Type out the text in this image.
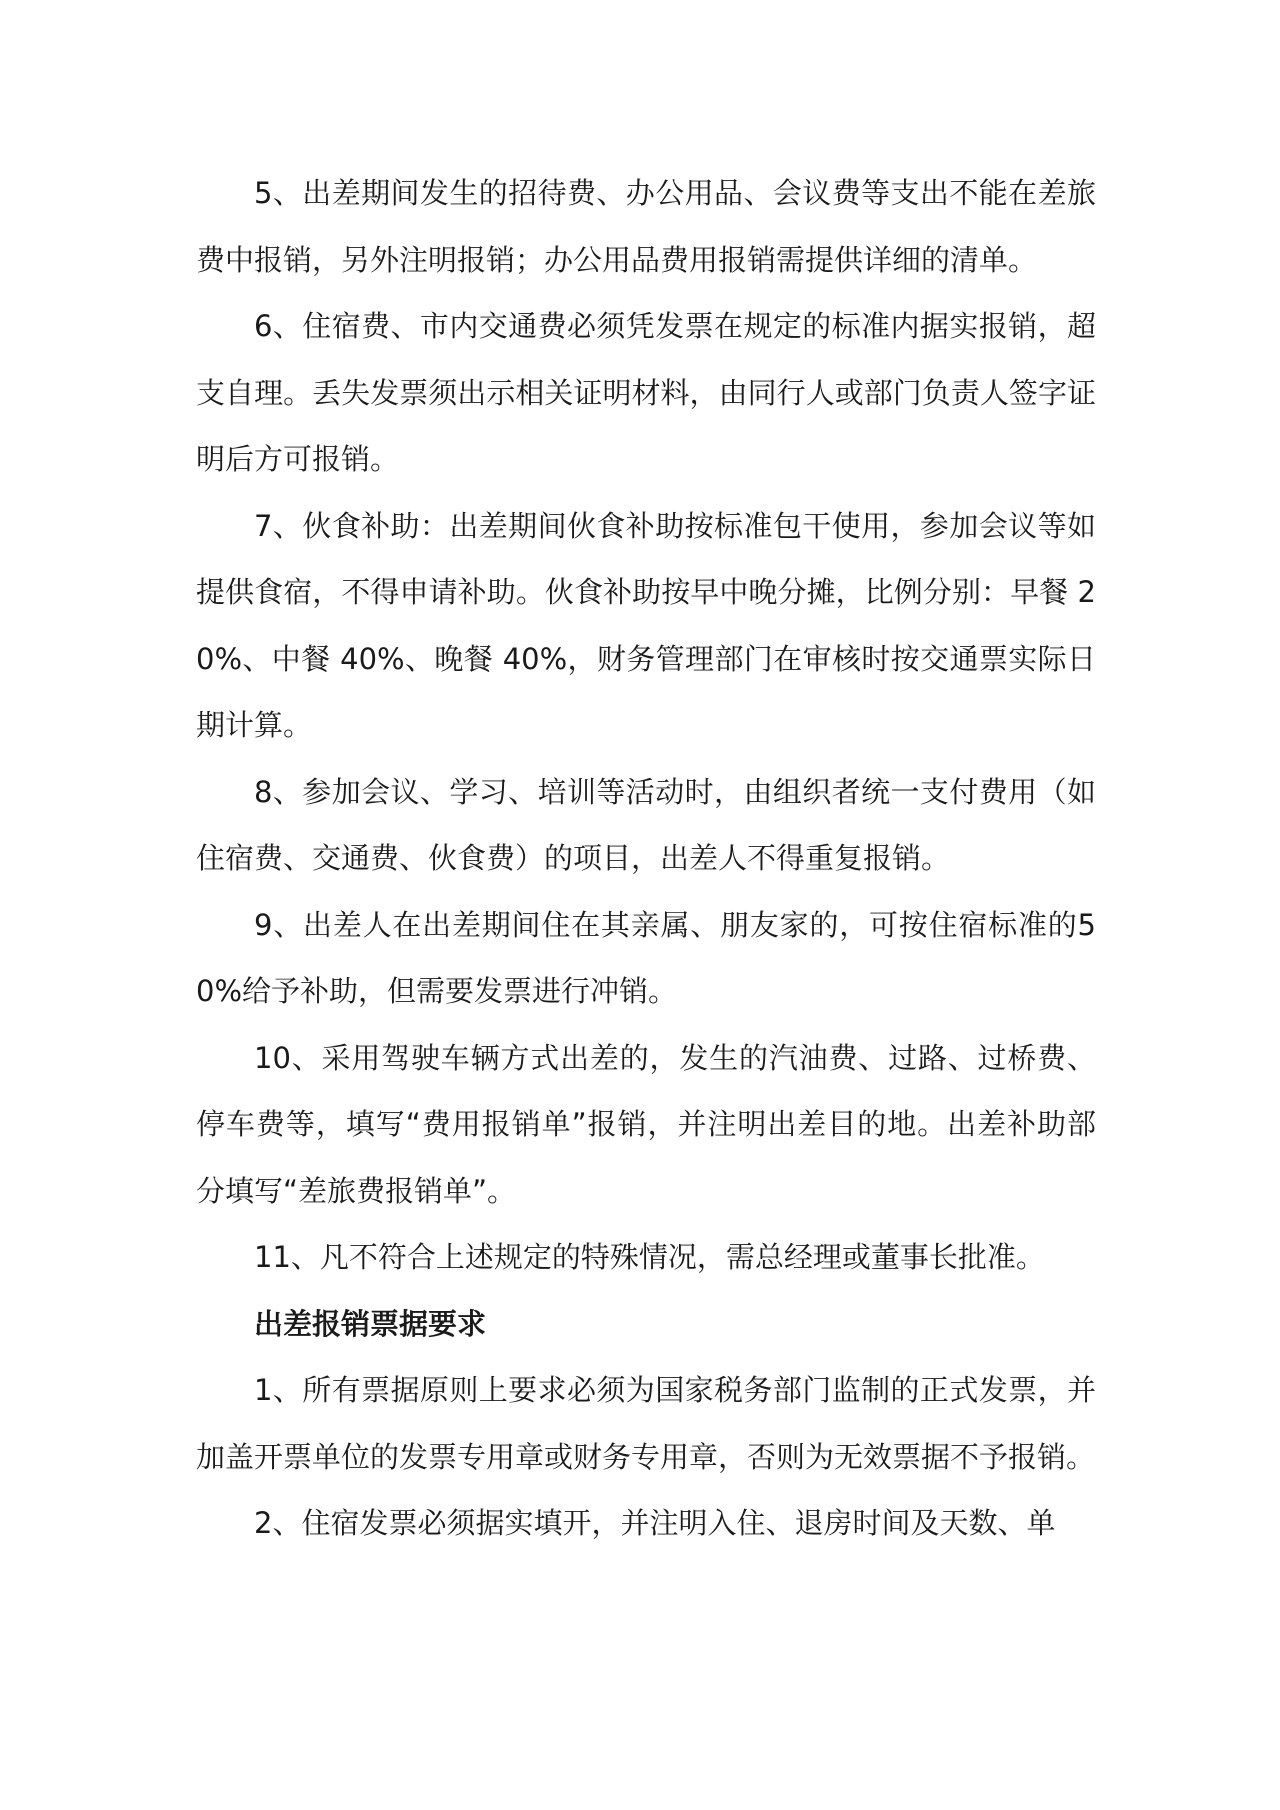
5、出差期间发生的招待费、办公用品、会议费等支出不能在差旅费中报销，另外注明报销；办公用品费用报销需提供详细的清单。

6、住宿费、市内交通费必须凭发票在规定的标准内据实报销，超支自理。丢失发票须出示相关证明材料，由同行人或部门负责人签字证明后方可报销。

7、伙食补助：出差期间伙食补助按标准包干使用，参加会议等如提供食宿，不得申请补助。伙食补助按早中晚分摊，比例分别：早餐 20%、中餐 40%、晚餐 40%，财务管理部门在审核时按交通票实际日期计算。

8、参加会议、学习、培训等活动时，由组织者统一支付费用（如住宿费、交通费、伙食费）的项目，出差人不得重复报销。

9、出差人在出差期间住在其亲属、朋友家的，可按住宿标准的50%给予补助，但需要发票进行冲销。

10、采用驾驶车辆方式出差的，发生的汽油费、过路、过桥费、停车费等，填写“费用报销单”报销，并注明出差目的地。出差补助部分填写“差旅费报销单”。

11、凡不符合上述规定的特殊情况，需总经理或董事长批准。

出差报销票据要求

1、所有票据原则上要求必须为国家税务部门监制的正式发票，并加盖开票单位的发票专用章或财务专用章，否则为无效票据不予报销。

2、住宿发票必须据实填开，并注明入住、退房时间及天数、单
